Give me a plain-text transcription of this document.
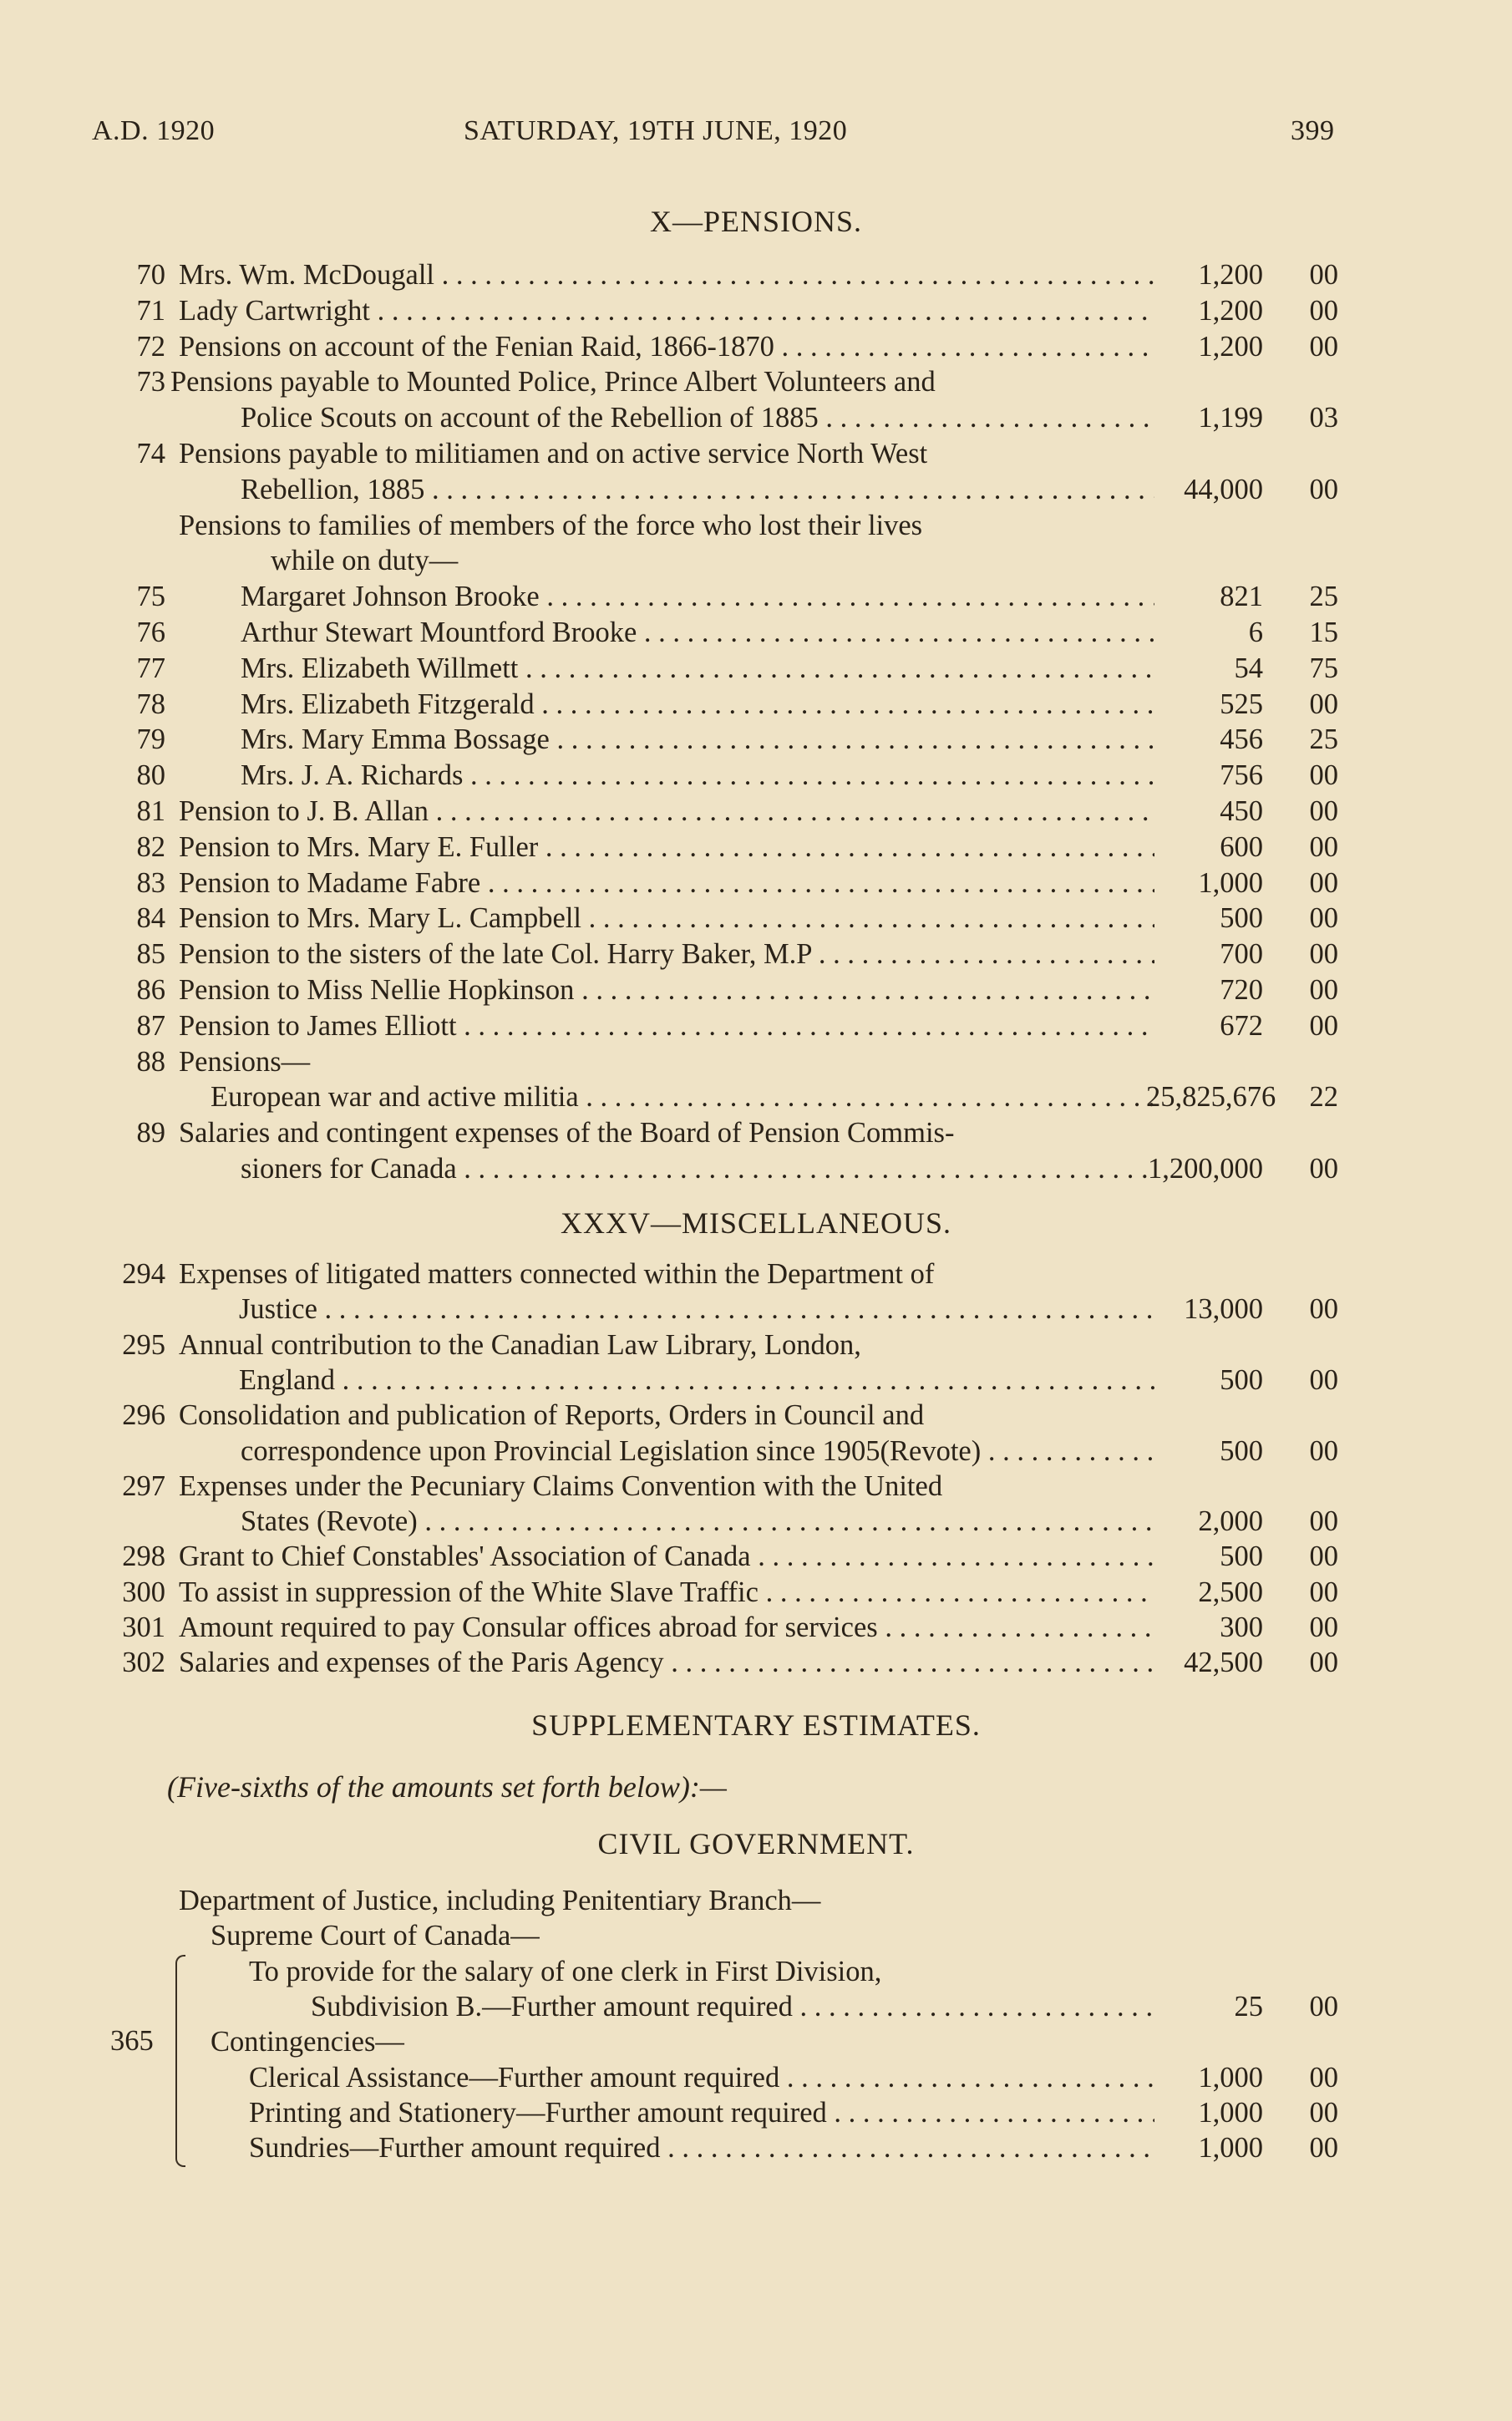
A.D. 1920	SATURDAY, 19TH JUNE, 1920	399
X—PENSIONS.
70 Mrs. Wm. McDougall . . .	1,200 00
71 Lady Cartwright . . .	1,200 00
72 Pensions on account of the Fenian Raid, 1866-1870 . . .	1,200 00
73 Pensions payable to Mounted Police, Prince Albert Volunteers and
Police Scouts on account of the Rebellion of 1885 . . .	1,199 03
74 Pensions payable to militiamen and on active service North West
Rebellion, 1885 . . .	44,000 00
Pensions to families of members of the force who lost their lives
while on duty—
75	Margaret Johnson Brooke . . .	821 25
76	Arthur Stewart Mountford Brooke . . .	6 15
77	Mrs. Elizabeth Willmett . . .	54 75
78	Mrs. Elizabeth Fitzgerald . . .	525 00
79	Mrs. Mary Emma Bossage . . .	456 25
80	Mrs. J. A. Richards . . .	756 00
81 Pension to J. B. Allan . . .	450 00
82 Pension to Mrs. Mary E. Fuller . . .	600 00
83 Pension to Madame Fabre . . .	1,000 00
84 Pension to Mrs. Mary L. Campbell . . .	500 00
85 Pension to the sisters of the late Col. Harry Baker, M.P . . .	700 00
86 Pension to Miss Nellie Hopkinson . . .	720 00
87 Pension to James Elliott . . .	672 00
88 Pensions—
European war and active militia . . .	25,825,676 22
89 Salaries and contingent expenses of the Board of Pension Commis-
sioners for Canada . . .	1,200,000 00
XXXV—MISCELLANEOUS.
294 Expenses of litigated matters connected within the Department of
Justice . . .	13,000 00
295 Annual contribution to the Canadian Law Library, London,
England . . .	500 00
296 Consolidation and publication of Reports, Orders in Council and
correspondence upon Provincial Legislation since 1905(Revote) . . .	500 00
297 Expenses under the Pecuniary Claims Convention with the United
States (Revote) . . .	2,000 00
298 Grant to Chief Constables' Association of Canada . . .	500 00
300 To assist in suppression of the White Slave Traffic . . .	2,500 00
301 Amount required to pay Consular offices abroad for services . . .	300 00
302 Salaries and expenses of the Paris Agency . . .	42,500 00
SUPPLEMENTARY ESTIMATES.
(Five-sixths of the amounts set forth below):—
CIVIL GOVERNMENT.
Department of Justice, including Penitentiary Branch—
Supreme Court of Canada—
To provide for the salary of one clerk in First Division,
Subdivision B.—Further amount required . . .	25 00
Contingencies—
Clerical Assistance—Further amount required . . .	1,000 00
Printing and Stationery—Further amount required . . .	1,000 00
Sundries—Further amount required . . .	1,000 00
365
